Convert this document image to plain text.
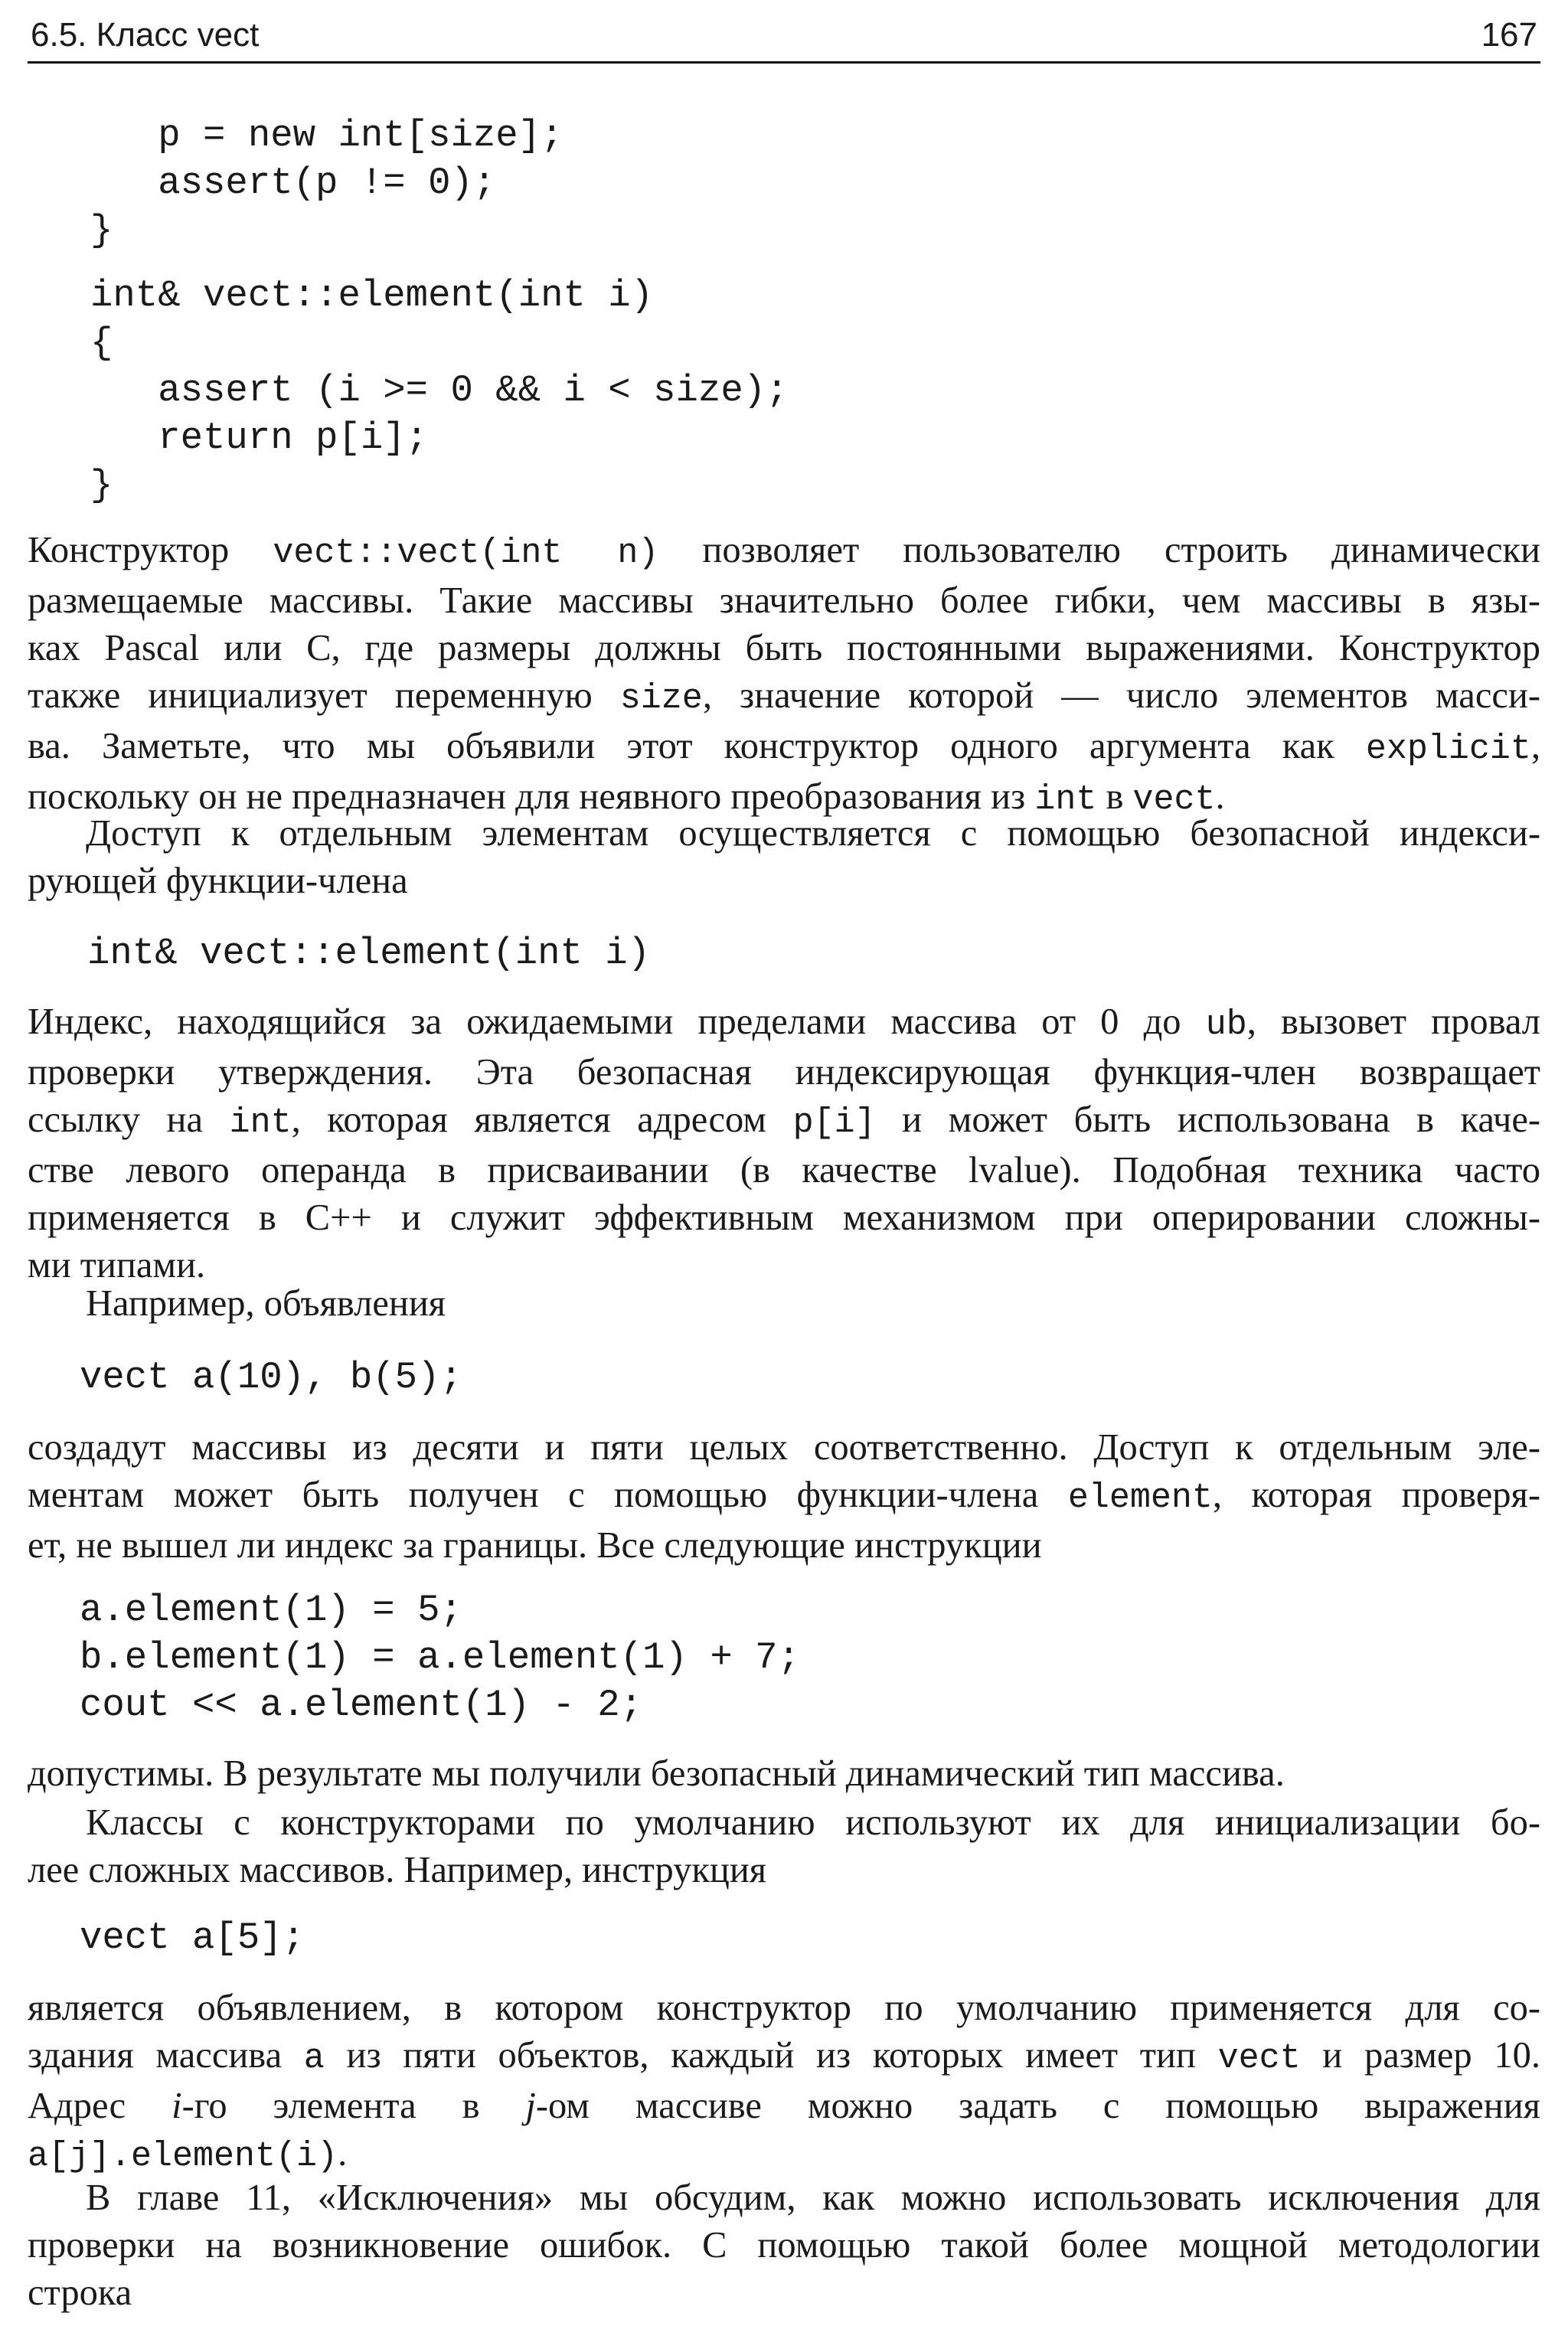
6.5. Класс vect	167
p = new int[size];
assert(p != 0);
}
int& vect::element(int i)
{
assert (i >= 0 && i < size);
return p[i];
}
Конструктор vect::vect(int n) позволяет пользователю строить динамически
размещаемые массивы. Такие массивы значительно более гибки, чем массивы в язы-
ках Pascal или C, где размеры должны быть постоянными выражениями. Конструктор
также инициализует переменную size, значение которой — число элементов масси-
ва. Заметьте, что мы объявили этот конструктор одного аргумента как explicit,
поскольку он не предназначен для неявного преобразования из int в vect.
Доступ к отдельным элементам осуществляется с помощью безопасной индекси-
рующей функции-члена
int& vect::element(int i)
Индекс, находящийся за ожидаемыми пределами массива от 0 до ub, вызовет провал
проверки утверждения. Эта безопасная индексирующая функция-член возвращает
ссылку на int, которая является адресом p[i] и может быть использована в каче-
стве левого операнда в присваивании (в качестве lvalue). Подобная техника часто
применяется в C++ и служит эффективным механизмом при оперировании сложны-
ми типами.
Например, объявления
vect a(10), b(5);
создадут массивы из десяти и пяти целых соответственно. Доступ к отдельным эле-
ментам может быть получен с помощью функции-члена element, которая проверя-
ет, не вышел ли индекс за границы. Все следующие инструкции
a.element(1) = 5;
b.element(1) = a.element(1) + 7;
cout << a.element(1) - 2;
допустимы. В результате мы получили безопасный динамический тип массива.
Классы с конструкторами по умолчанию используют их для инициализации бо-
лее сложных массивов. Например, инструкция
vect a[5];
является объявлением, в котором конструктор по умолчанию применяется для со-
здания массива a из пяти объектов, каждый из которых имеет тип vect и размер 10.
Адрес i-го элемента в j-ом массиве можно задать с помощью выражения
a[j].element(i).
В главе 11, «Исключения» мы обсудим, как можно использовать исключения для
проверки на возникновение ошибок. С помощью такой более мощной методологии
строка
